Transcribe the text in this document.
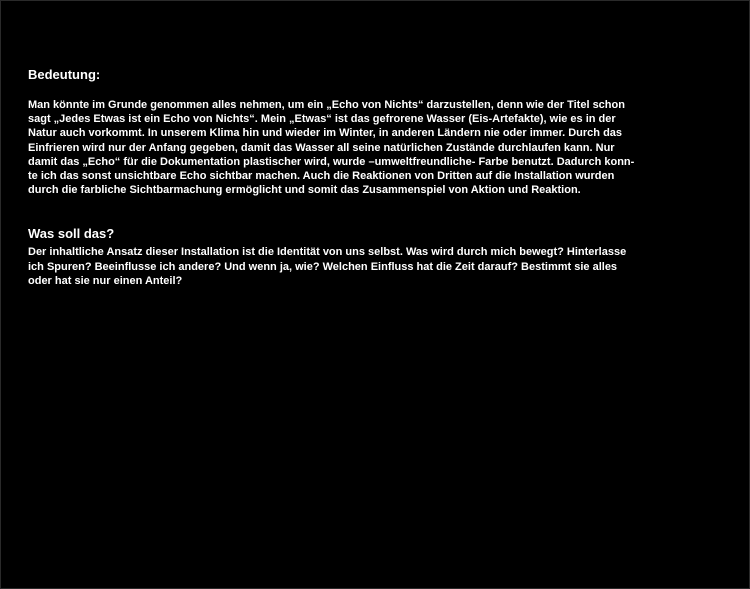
Bedeutung:
Man könnte im Grunde genommen alles nehmen, um ein „Echo von Nichts“ darzustellen, denn wie der Titel schon
sagt „Jedes Etwas ist ein Echo von Nichts“. Mein „Etwas“ ist das gefrorene Wasser (Eis-Artefakte), wie es in der
Natur auch vorkommt. In unserem Klima hin und wieder im Winter, in anderen Ländern nie oder immer. Durch das
Einfrieren wird nur der Anfang gegeben, damit das Wasser all seine natürlichen Zustände durchlaufen kann. Nur
damit das „Echo“ für die Dokumentation plastischer wird, wurde –umweltfreundliche- Farbe benutzt. Dadurch konn-
te ich das sonst unsichtbare Echo sichtbar machen. Auch die Reaktionen von Dritten auf die Installation wurden
durch die farbliche Sichtbarmachung ermöglicht und somit das Zusammenspiel von Aktion und Reaktion.
Was soll das?
Der inhaltliche Ansatz dieser Installation ist die Identität von uns selbst. Was wird durch mich bewegt? Hinterlasse
ich Spuren? Beeinflusse ich andere? Und wenn ja, wie? Welchen Einfluss hat die Zeit darauf? Bestimmt sie alles
oder hat sie nur einen Anteil?
